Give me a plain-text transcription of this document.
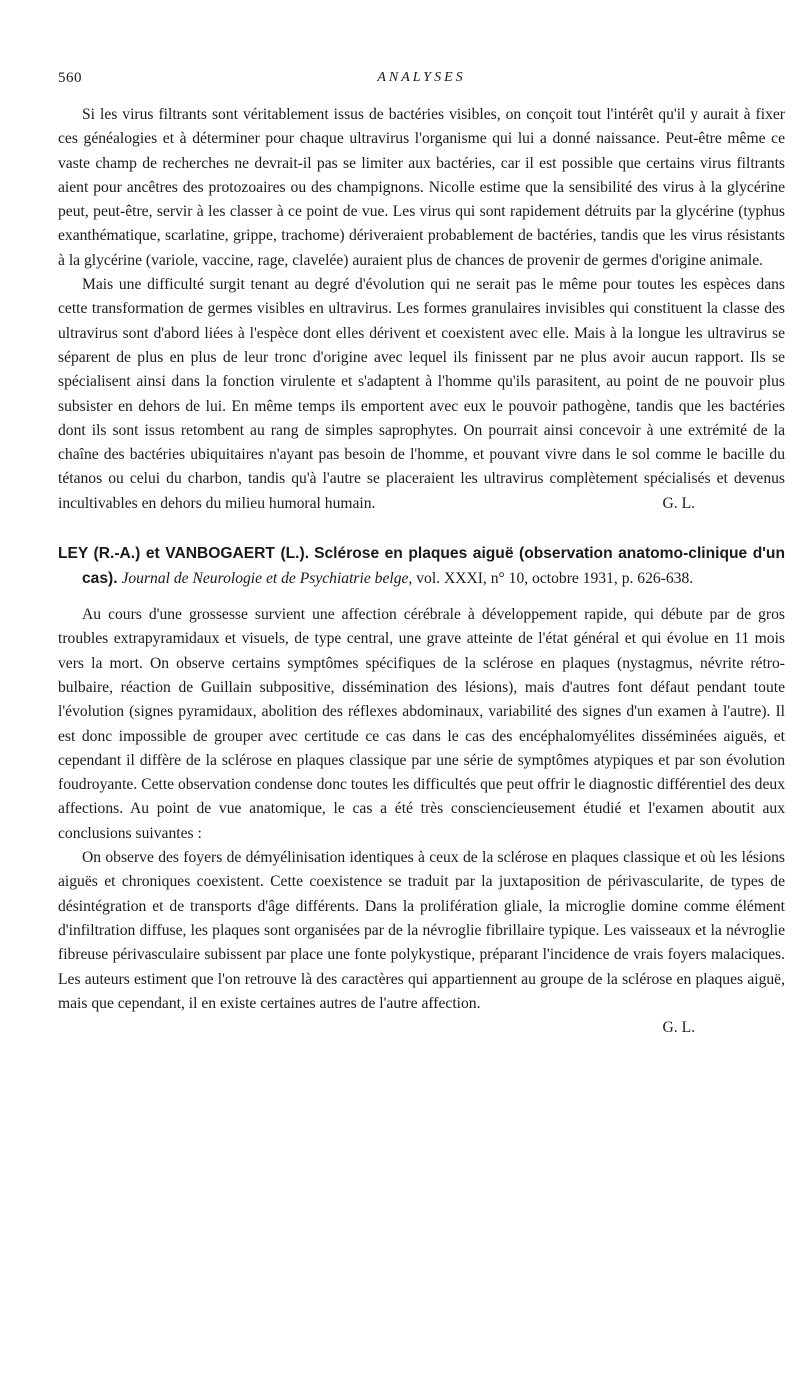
560	ANALYSES

Si les virus filtrants sont véritablement issus de bactéries visibles, on conçoit tout l'intérêt qu'il y aurait à fixer ces généalogies et à déterminer pour chaque ultravirus l'organisme qui lui a donné naissance. Peut-être même ce vaste champ de recherches ne devrait-il pas se limiter aux bactéries, car il est possible que certains virus filtrants aient pour ancêtres des protozoaires ou des champignons. Nicolle estime que la sensibilité des virus à la glycérine peut, peut-être, servir à les classer à ce point de vue. Les virus qui sont rapidement détruits par la glycérine (typhus exanthématique, scarlatine, grippe, trachome) dériveraient probablement de bactéries, tandis que les virus résistants à la glycérine (variole, vaccine, rage, clavelée) auraient plus de chances de provenir de germes d'origine animale.

Mais une difficulté surgit tenant au degré d'évolution qui ne serait pas le même pour toutes les espèces dans cette transformation de germes visibles en ultravirus. Les formes granulaires invisibles qui constituent la classe des ultravirus sont d'abord liées à l'espèce dont elles dérivent et coexistent avec elle. Mais à la longue les ultravirus se séparent de plus en plus de leur tronc d'origine avec lequel ils finissent par ne plus avoir aucun rapport. Ils se spécialisent ainsi dans la fonction virulente et s'adaptent à l'homme qu'ils parasitent, au point de ne pouvoir plus subsister en dehors de lui. En même temps ils emportent avec eux le pouvoir pathogène, tandis que les bactéries dont ils sont issus retombent au rang de simples saprophytes. On pourrait ainsi concevoir à une extrémité de la chaîne des bactéries ubiquitaires n'ayant pas besoin de l'homme, et pouvant vivre dans le sol comme le bacille du tétanos ou celui du charbon, tandis qu'à l'autre se placeraient les ultravirus complètement spécialisés et devenus incultivables en dehors du milieu humoral humain.	G. L.
LEY (R.-A.) et VANBOGAERT (L.). Sclérose en plaques aiguë (observation anatomo-clinique d'un cas). Journal de Neurologie et de Psychiatrie belge, vol. XXXI, n° 10, octobre 1931, p. 626-638.

Au cours d'une grossesse survient une affection cérébrale à développement rapide, qui débute par de gros troubles extrapyramidaux et visuels, de type central, une grave atteinte de l'état général et qui évolue en 11 mois vers la mort. On observe certains symptômes spécifiques de la sclérose en plaques (nystagmus, névrite rétro-bulbaire, réaction de Guillain subpositive, dissémination des lésions), mais d'autres font défaut pendant toute l'évolution (signes pyramidaux, abolition des réflexes abdominaux, variabilité des signes d'un examen à l'autre). Il est donc impossible de grouper avec certitude ce cas dans le cas des encéphalomyélites disséminées aiguës, et cependant il diffère de la sclérose en plaques classique par une série de symptômes atypiques et par son évolution foudroyante. Cette observation condense donc toutes les difficultés que peut offrir le diagnostic différentiel des deux affections. Au point de vue anatomique, le cas a été très consciencieusement étudié et l'examen aboutit aux conclusions suivantes :

On observe des foyers de démyélinisation identiques à ceux de la sclérose en plaques classique et où les lésions aiguës et chroniques coexistent. Cette coexistence se traduit par la juxtaposition de périvascularite, de types de désintégration et de transports d'âge différents. Dans la prolifération gliale, la microglie domine comme élément d'infiltration diffuse, les plaques sont organisées par de la névroglie fibrillaire typique. Les vaisseaux et la névroglie fibreuse périvasculaire subissent par place une fonte polykystique, préparant l'incidence de vrais foyers malaciques. Les auteurs estiment que l'on retrouve là des caractères qui appartiennent au groupe de la sclérose en plaques aiguë, mais que cependant, il en existe certaines autres de l'autre affection.

G. L.
